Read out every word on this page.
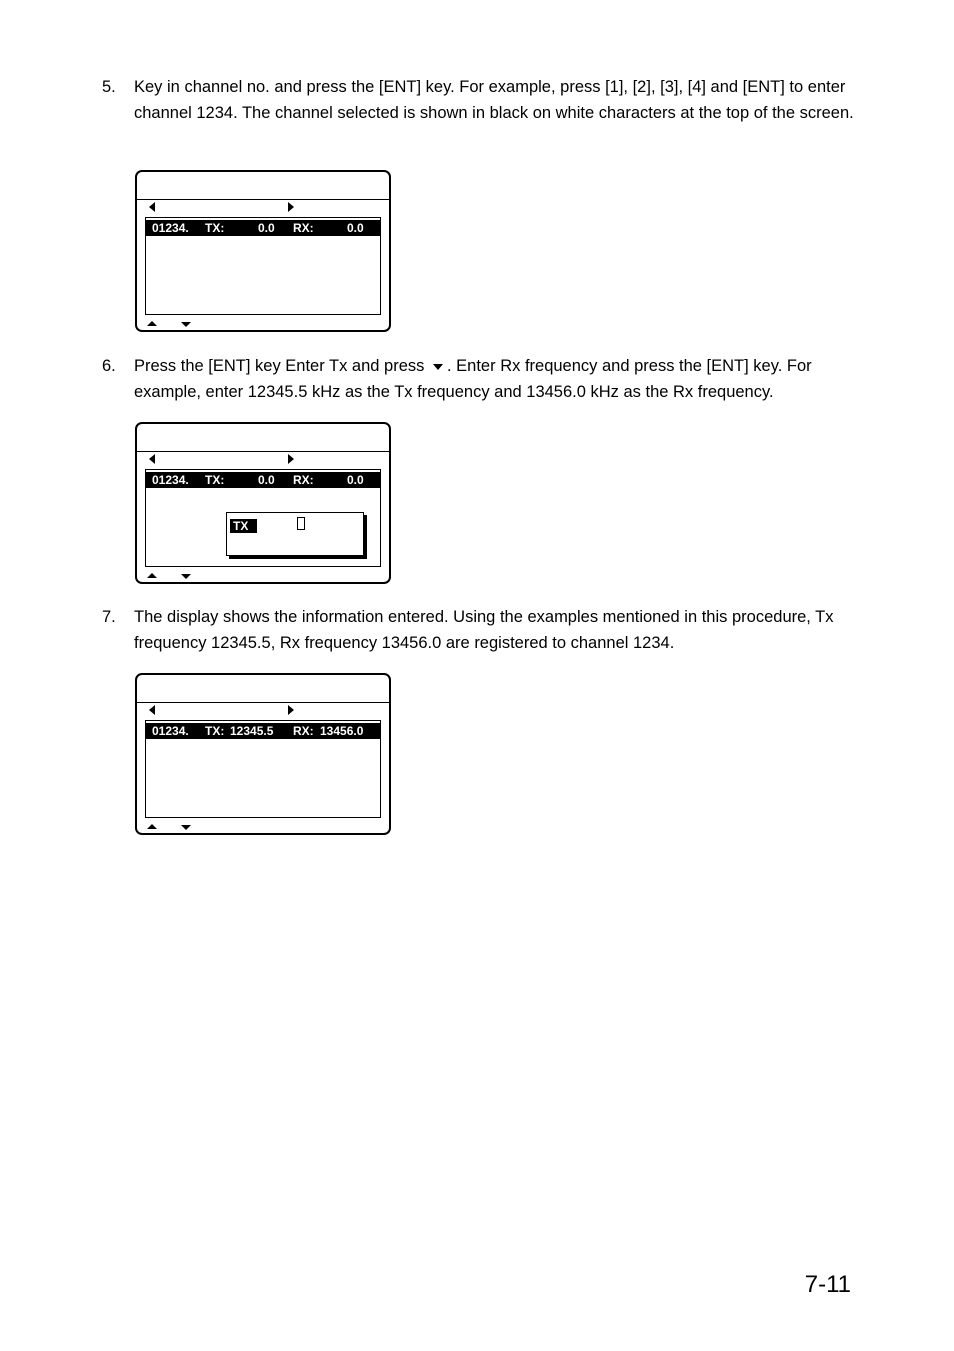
5. Key in channel no. and press the [ENT] key. For example, press [1], [2], [3], [4] and [ENT] to enter channel 1234. The channel selected is shown in black on white characters at the top of the screen.
01234. TX:	0.0 RX:	0.0
6. Press the [ENT] key Enter Tx and press . Enter Rx frequency and press the [ENT] key. For example, enter 12345.5 kHz as the Tx frequency and 13456.0 kHz as the Rx frequency.
01234. TX:	0.0 RX:	0.0
TX
7. The display shows the information entered. Using the examples mentioned in this procedure, Tx frequency 12345.5, Rx frequency 13456.0 are registered to channel 1234.
01234. TX: 12345.5 RX: 13456.0
7-11
